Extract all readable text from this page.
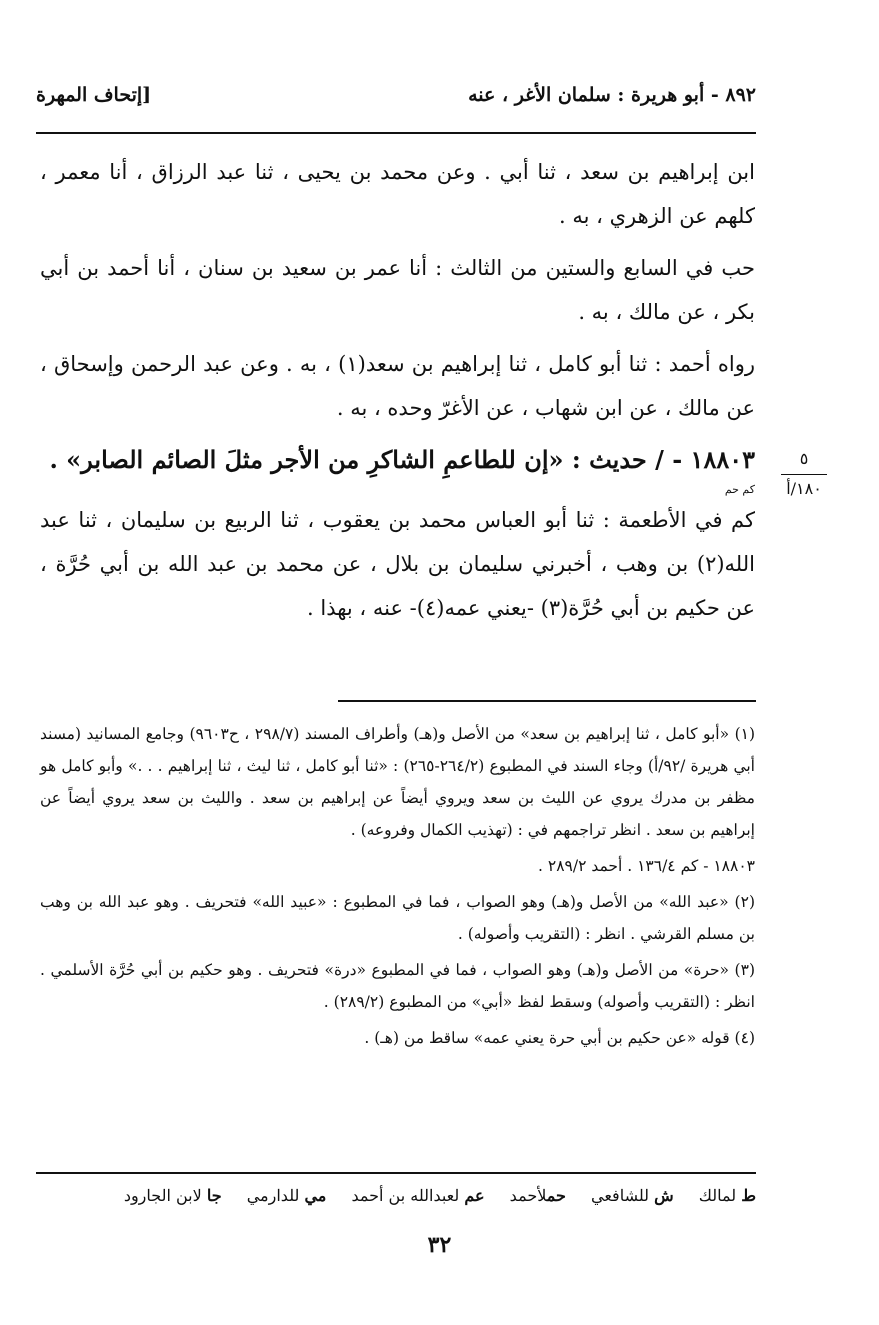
٨٩٢ - أبو هريرة : سلمان الأغر ، عنه
[إتحاف المهرة

ابن إبراهيم بن سعد ، ثنا أبي . وعن محمد بن يحيى ، ثنا عبد الرزاق ، أنا معمر ، كلهم عن الزهري ، به .

حب في السابع والستين من الثالث : أنا عمر بن سعيد بن سنان ، أنا أحمد بن أبي بكر ، عن مالك ، به .

رواه أحمد : ثنا أبو كامل ، ثنا إبراهيم بن سعد(١) ، به . وعن عبد الرحمن وإسحاق ، عن مالك ، عن ابن شهاب ، عن الأغرّ وحده ، به .

١٨٨٠٣ - / حديث : «إن للطاعمِ الشاكرِ من الأجر مثلَ الصائم الصابر» .

$_{كم حم}$

كم في الأطعمة : ثنا أبو العباس محمد بن يعقوب ، ثنا الربيع بن سليمان ، ثنا عبد الله(٢) بن وهب ، أخبرني سليمان بن بلال ، عن محمد بن عبد الله بن أبي حُرَّة ، عن حكيم بن أبي حُرَّة(٣) -يعني عمه(٤)- عنه ، بهذا .

٥
١٨٠/أ

(١) «أبو كامل ، ثنا إبراهيم بن سعد» من الأصل و(هـ) وأطراف المسند (٢٩٨/٧ ، ح٩٦٠٣) وجامع المسانيد (مسند أبي هريرة /٩٢/أ) وجاء السند في المطبوع (٢٦٤/٢-٢٦٥) : «ثنا أبو كامل ، ثنا ليث ، ثنا إبراهيم . . .» وأبو كامل هو مظفر بن مدرك يروي عن الليث بن سعد ويروي أيضاً عن إبراهيم بن سعد . والليث بن سعد يروي أيضاً عن إبراهيم بن سعد . انظر تراجمهم في : (تهذيب الكمال وفروعه) .

١٨٨٠٣ - كم ١٣٦/٤ . أحمد ٢٨٩/٢ .

(٢) «عبد الله» من الأصل و(هـ) وهو الصواب ، فما في المطبوع : «عبيد الله» فتحريف . وهو عبد الله بن وهب بن مسلم القرشي . انظر : (التقريب وأصوله) .

(٣) «حرة» من الأصل و(هـ) وهو الصواب ، فما في المطبوع «درة» فتحريف . وهو حكيم بن أبي حُرَّة الأسلمي . انظر : (التقريب وأصوله) وسقط لفظ «أبي» من المطبوع (٢٨٩/٢) .

(٤) قوله «عن حكيم بن أبي حرة يعني عمه» ساقط من (هـ) .

ط لمالك ش للشافعي حملأحمد عم لعبدالله بن أحمد مي للدارمي جا لابن الجارود
٣٢
